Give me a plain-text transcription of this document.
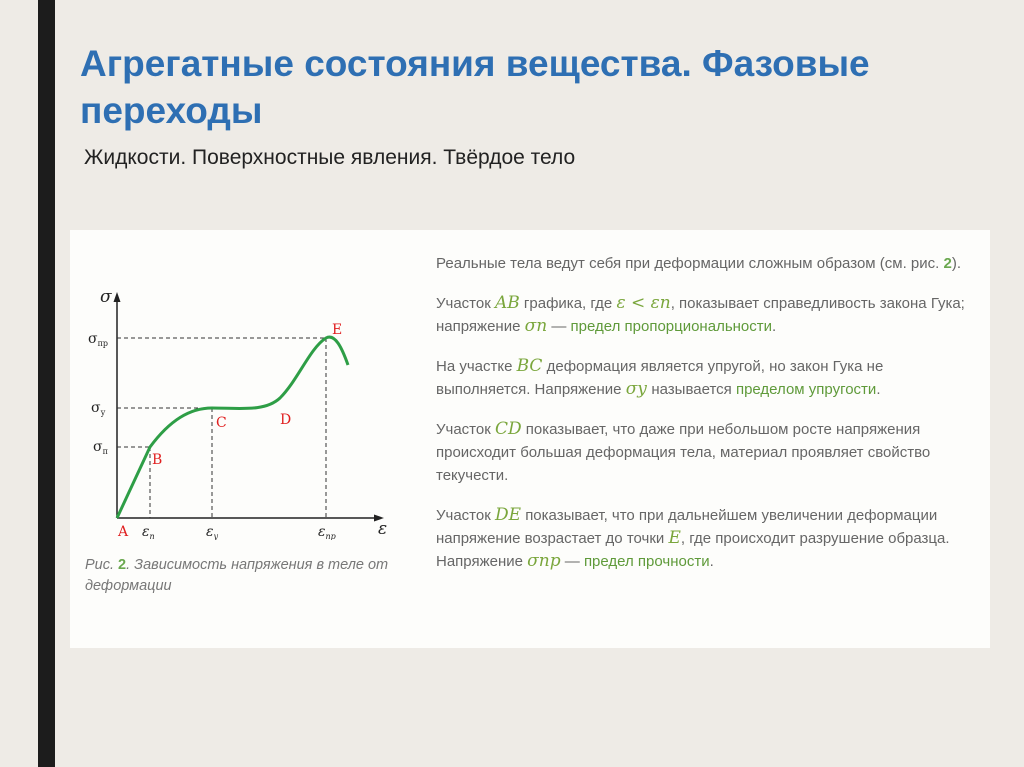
Агрегатные состояния вещества. Фазовые переходы
Жидкости. Поверхностные явления. Твёрдое тело
σ
ε
$\sigma_{пр}$
$\sigma_у$
$\sigma_п$
$\varepsilon_п$	$\varepsilon_у$	$\varepsilon_{пр}$
A
B
C	D
E
Рис. 2. Зависимость напряжения в теле от деформации

Реальные тела ведут себя при деформации сложным образом (см. рис. 2).

Участок AB графика, где ε < εn, показывает справедливость закона Гука; напряжение σn — предел пропорциональности.

На участке BC деформация является упругой, но закон Гука не выполняется. Напряжение σу называется пределом упругости.

Участок CD показывает, что даже при небольшом росте напряжения происходит большая деформация тела, материал проявляет свойство текучести.

Участок DE показывает, что при дальнейшем увеличении деформации напряжение возрастает до точки E, где происходит разрушение образца. Напряжение σпр — предел прочности.
